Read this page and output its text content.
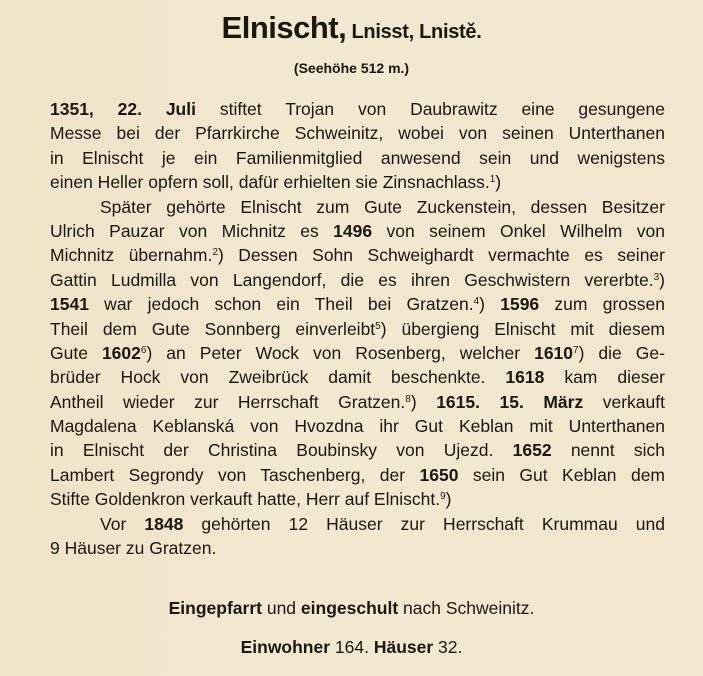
Elnischt, Lnisst, Lnistě.
(Seehöhe 512 m.)
1351, 22. Juli stiftet Trojan von Daubrawitz eine gesungene
Messe bei der Pfarrkirche Schweinitz, wobei von seinen Unterthanen
in Elnischt je ein Familienmitglied anwesend sein und wenigstens
einen Heller opfern soll, dafür erhielten sie Zinsnachlass.$^1$)
Später gehörte Elnischt zum Gute Zuckenstein, dessen Besitzer
Ulrich Pauzar von Michnitz es 1496 von seinem Onkel Wilhelm von
Michnitz übernahm.$^2$) Dessen Sohn Schweighardt vermachte es seiner
Gattin Ludmilla von Langendorf, die es ihren Geschwistern vererbte.$^3$)
1541 war jedoch schon ein Theil bei Gratzen.$^4$) 1596 zum grossen
Theil dem Gute Sonnberg einverleibt$^5$) übergieng Elnischt mit diesem
Gute 1602$^6$) an Peter Wock von Rosenberg, welcher 1610$^7$) die Ge-
brüder Hock von Zweibrück damit beschenkte. 1618 kam dieser
Antheil wieder zur Herrschaft Gratzen.$^8$) 1615. 15. März verkauft
Magdalena Keblanská von Hvozdna ihr Gut Keblan mit Unterthanen
in Elnischt der Christina Boubinsky von Ujezd. 1652 nennt sich
Lambert Segrondy von Taschenberg, der 1650 sein Gut Keblan dem
Stifte Goldenkron verkauft hatte, Herr auf Elnischt.$^9$)
Vor 1848 gehörten 12 Häuser zur Herrschaft Krummau und
9 Häuser zu Gratzen.
Eingepfarrt und eingeschult nach Schweinitz.
Einwohner 164. Häuser 32.
